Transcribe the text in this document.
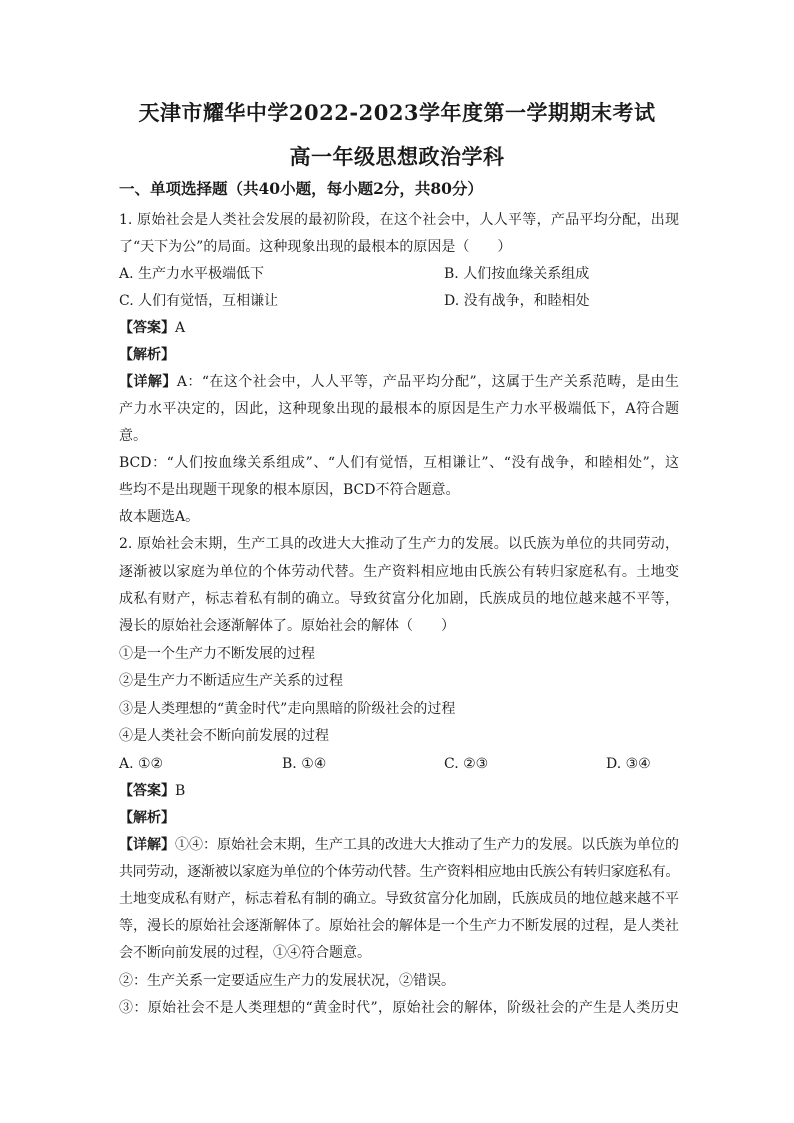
天津市耀华中学2022-2023学年度第一学期期末考试
高一年级思想政治学科
一、单项选择题（共40小题，每小题2分，共80分）
1. 原始社会是人类社会发展的最初阶段，在这个社会中，人人平等，产品平均分配，出现
了“天下为公”的局面。这种现象出现的最根本的原因是（　　）
A. 生产力水平极端低下	B. 人们按血缘关系组成
C. 人们有觉悟，互相谦让	D. 没有战争，和睦相处
【答案】A
【解析】
【详解】A：“在这个社会中，人人平等，产品平均分配”，这属于生产关系范畴，是由生
产力水平决定的，因此，这种现象出现的最根本的原因是生产力水平极端低下，A符合题
意。
BCD：“人们按血缘关系组成”、“人们有觉悟，互相谦让”、“没有战争，和睦相处”，这
些均不是出现题干现象的根本原因，BCD不符合题意。
故本题选A。
2. 原始社会末期，生产工具的改进大大推动了生产力的发展。以氏族为单位的共同劳动，
逐渐被以家庭为单位的个体劳动代替。生产资料相应地由氏族公有转归家庭私有。土地变
成私有财产，标志着私有制的确立。导致贫富分化加剧，氏族成员的地位越来越不平等，
漫长的原始社会逐渐解体了。原始社会的解体（　　）
①是一个生产力不断发展的过程
②是生产力不断适应生产关系的过程
③是人类理想的“黄金时代”走向黑暗的阶级社会的过程
④是人类社会不断向前发展的过程
A. ①②	B. ①④	C. ②③	D. ③④
【答案】B
【解析】
【详解】①④：原始社会末期，生产工具的改进大大推动了生产力的发展。以氏族为单位的
共同劳动，逐渐被以家庭为单位的个体劳动代替。生产资料相应地由氏族公有转归家庭私有。
土地变成私有财产，标志着私有制的确立。导致贫富分化加剧，氏族成员的地位越来越不平
等，漫长的原始社会逐渐解体了。原始社会的解体是一个生产力不断发展的过程，是人类社
会不断向前发展的过程，①④符合题意。
②：生产关系一定要适应生产力的发展状况，②错误。
③：原始社会不是人类理想的“黄金时代”，原始社会的解体，阶级社会的产生是人类历史
